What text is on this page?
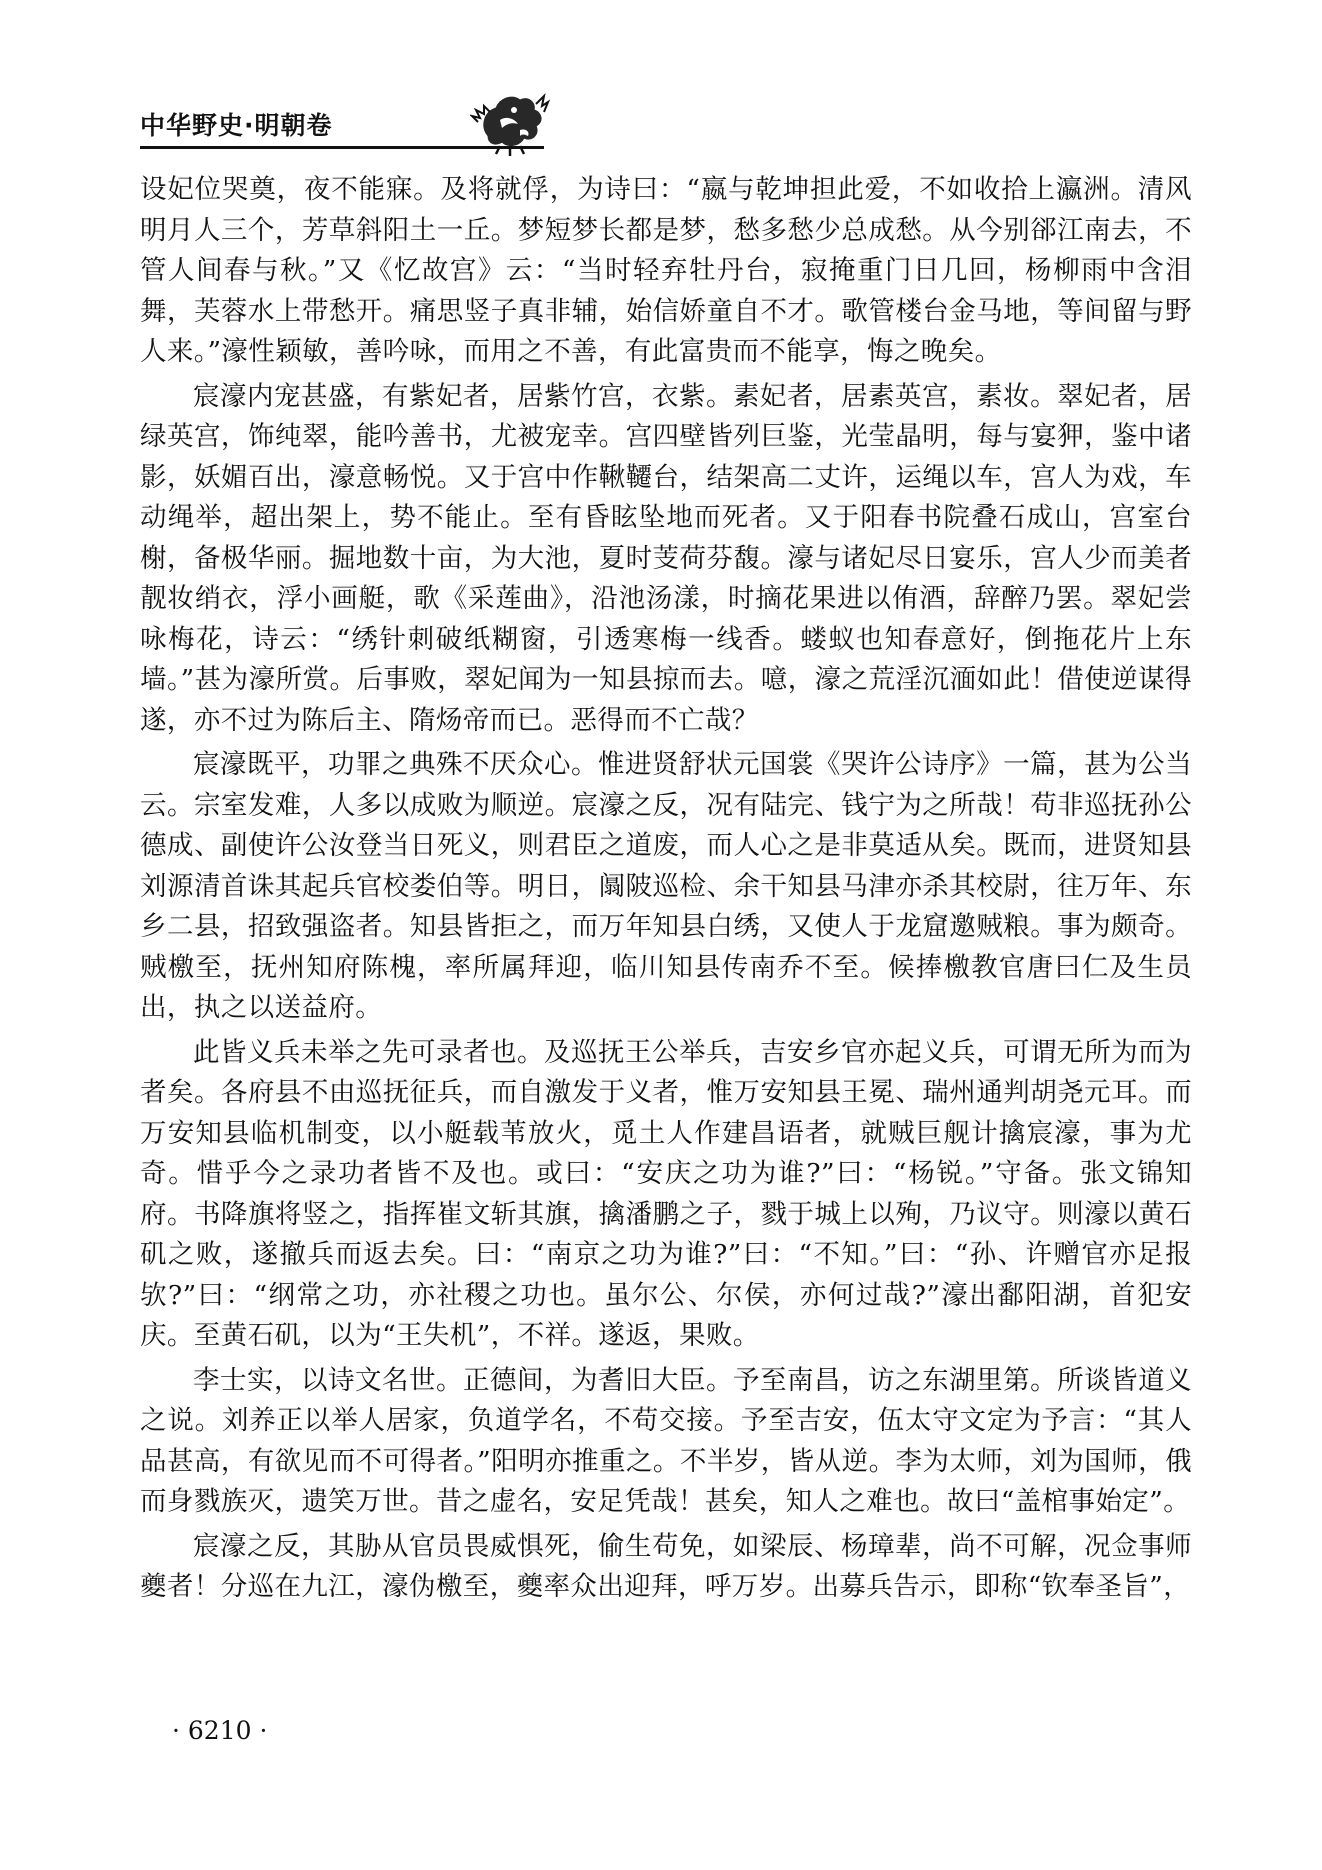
中华野史·明朝卷

设妃位哭奠，夜不能寐。及将就俘，为诗曰：“嬴与乾坤担此爱，不如收拾上瀛洲。清风明月人三个，芳草斜阳土一丘。梦短梦长都是梦，愁多愁少总成愁。从今别郤江南去，不管人间春与秋。”又《忆故宫》云：“当时轻弃牡丹台，寂掩重门日几回，杨柳雨中含泪舞，芙蓉水上带愁开。痛思竖子真非辅，始信娇童自不才。歌管楼台金马地，等间留与野人来。”濠性颖敏，善吟咏，而用之不善，有此富贵而不能享，悔之晚矣。

宸濠内宠甚盛，有紫妃者，居紫竹宫，衣紫。素妃者，居素英宫，素妆。翠妃者，居绿英宫，饰纯翠，能吟善书，尤被宠幸。宫四壁皆列巨鉴，光莹晶明，每与宴狎，鉴中诸影，妖媚百出，濠意畅悦。又于宫中作鞦韆台，结架高二丈许，运绳以车，宫人为戏，车动绳举，超出架上，势不能止。至有昏眩坠地而死者。又于阳春书院叠石成山，宫室台榭，备极华丽。掘地数十亩，为大池，夏时芰荷芬馥。濠与诸妃尽日宴乐，宫人少而美者靓妆绡衣，浮小画艇，歌《采莲曲》，沿池汤漾，时摘花果进以侑酒，辞醉乃罢。翠妃尝咏梅花，诗云：“绣针刺破纸糊窗，引透寒梅一线香。蝼蚁也知春意好，倒拖花片上东墙。”甚为濠所赏。后事败，翠妃闻为一知县掠而去。噫，濠之荒淫沉湎如此！借使逆谋得遂，亦不过为陈后主、隋炀帝而已。恶得而不亡哉？

宸濠既平，功罪之典殊不厌众心。惟进贤舒状元国裳《哭许公诗序》一篇，甚为公当云。宗室发难，人多以成败为顺逆。宸濠之反，况有陆完、钱宁为之所哉！苟非巡抚孙公德成、副使许公汝登当日死义，则君臣之道废，而人心之是非莫适从矣。既而，进贤知县刘源清首诛其起兵官校娄伯等。明日，阘陂巡检、余干知县马津亦杀其校尉，往万年、东乡二县，招致强盗者。知县皆拒之，而万年知县白绣，又使人于龙窟邀贼粮。事为颇奇。贼檄至，抚州知府陈槐，率所属拜迎，临川知县传南乔不至。候捧檄教官唐曰仁及生员出，执之以送益府。

此皆义兵未举之先可录者也。及巡抚王公举兵，吉安乡官亦起义兵，可谓无所为而为者矣。各府县不由巡抚征兵，而自激发于义者，惟万安知县王冕、瑞州通判胡尧元耳。而万安知县临机制变，以小艇载苇放火，觅土人作建昌语者，就贼巨舰计擒宸濠，事为尤奇。惜乎今之录功者皆不及也。或曰：“安庆之功为谁?”曰：“杨锐。”守备。张文锦知府。书降旗将竖之，指挥崔文斩其旗，擒潘鹏之子，戮于城上以殉，乃议守。则濠以黄石矶之败，遂撤兵而返去矣。曰：“南京之功为谁?”曰：“不知。”曰：“孙、许赠官亦足报欤?”曰：“纲常之功，亦社稷之功也。虽尔公、尔侯，亦何过哉?”濠出鄱阳湖，首犯安庆。至黄石矶，以为“王失机”，不祥。遂返，果败。

李士实，以诗文名世。正德间，为耆旧大臣。予至南昌，访之东湖里第。所谈皆道义之说。刘养正以举人居家，负道学名，不苟交接。予至吉安，伍太守文定为予言：“其人品甚高，有欲见而不可得者。”阳明亦推重之。不半岁，皆从逆。李为太师，刘为国师，俄而身戮族灭，遗笑万世。昔之虚名，安足凭哉！甚矣，知人之难也。故曰“盖棺事始定”。

宸濠之反，其胁从官员畏威惧死，偷生苟免，如梁辰、杨璋辈，尚不可解，况佥事师夔者！分巡在九江，濠伪檄至，夔率众出迎拜，呼万岁。出募兵告示，即称“钦奉圣旨”，

· 6210 ·
